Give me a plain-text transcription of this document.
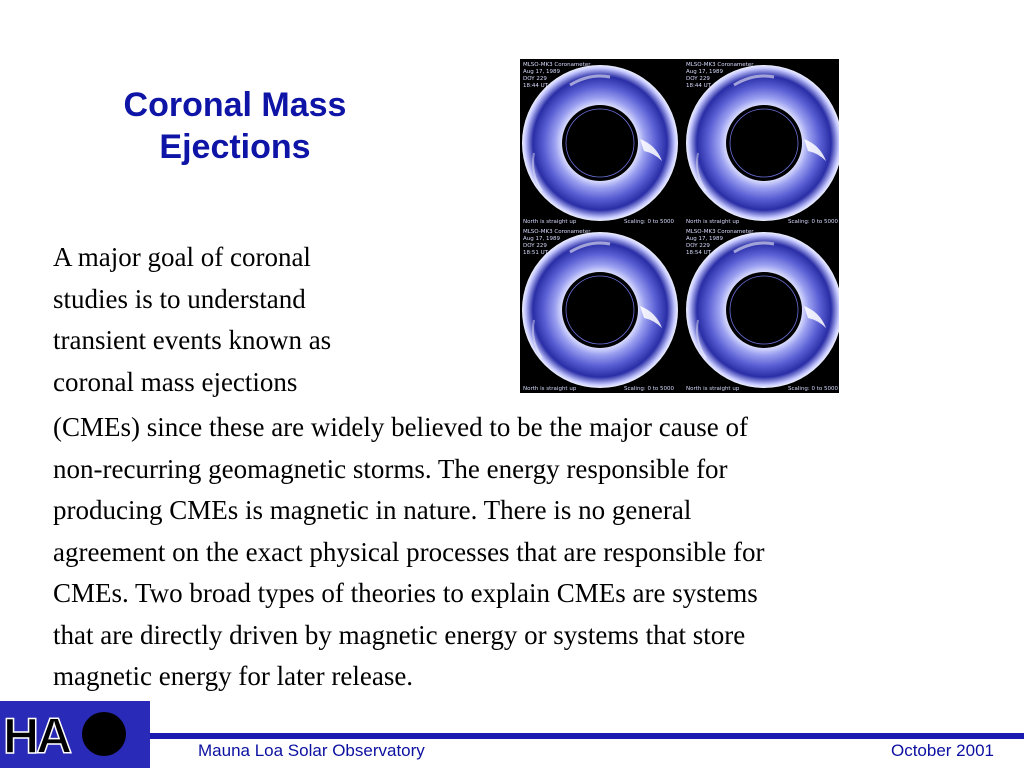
Coronal Mass
Ejections

A major goal of coronal
studies is to understand
transient events known as
coronal mass ejections

(CMEs) since these are widely believed to be the major cause of
non-recurring geomagnetic storms. The energy responsible for
producing CMEs is magnetic in nature. There is no general
agreement on the exact physical processes that are responsible for
CMEs. Two broad types of theories to explain CMEs are systems
that are directly driven by magnetic energy or systems that store
magnetic energy for later release.

MLSO-MK3 Coronameter
Aug 17, 1989
DOY 229
18:44 UT
North is straight up	Scaling: 0 to 5000
MLSO-MK3 Coronameter
Aug 17, 1989
DOY 229
18:44 UT
North is straight up	Scaling: 0 to 5000
MLSO-MK3 Coronameter
Aug 17, 1989
DOY 229
18:51 UT
North is straight up	Scaling: 0 to 5000
MLSO-MK3 Coronameter
Aug 17, 1989
DOY 229
18:54 UT
North is straight up	Scaling: 0 to 5000
HA	Mauna Loa Solar Observatory	October 2001
